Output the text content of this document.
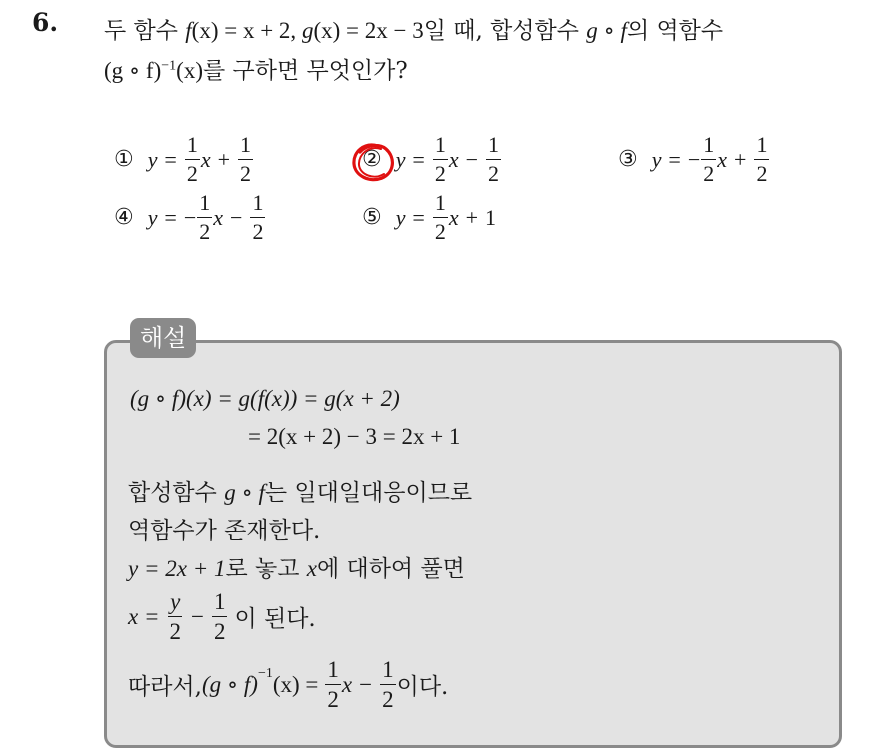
6. 두 함수 f(x) = x + 2, g(x) = 2x − 3일 때, 합성함수 g ∘ f의 역함수
(g ∘ f)$^{-1}$(x)를 구하면 무엇인가?
① $y = \frac{1}{2}$ $x + \frac{1}{2}$	② $y = \frac{1}{2}$ $x - \frac{1}{2}$	③ y = − $\frac{1}{2}$ $x + \frac{1}{2}$
④ y = − $\frac{1}{2}$ $x - \frac{1}{2}$	⑤ $y = \frac{1}{2}$ x + 1
해설
(g ∘ f)(x) = g(f(x)) = g(x + 2)
= 2(x + 2) − 3 = 2x + 1
합성함수 g ∘ f는 일대일대응이므로
역함수가 존재한다.
y = 2x + 1로 놓고 x에 대하여 풀면
$x = \frac{y}{2} - \frac{1}{2}$ 이 된다.
따라서, (g ∘ f)$^{-1}$ $(x) = \frac{1}{2}$ $x - \frac{1}{2}$ 이다.
